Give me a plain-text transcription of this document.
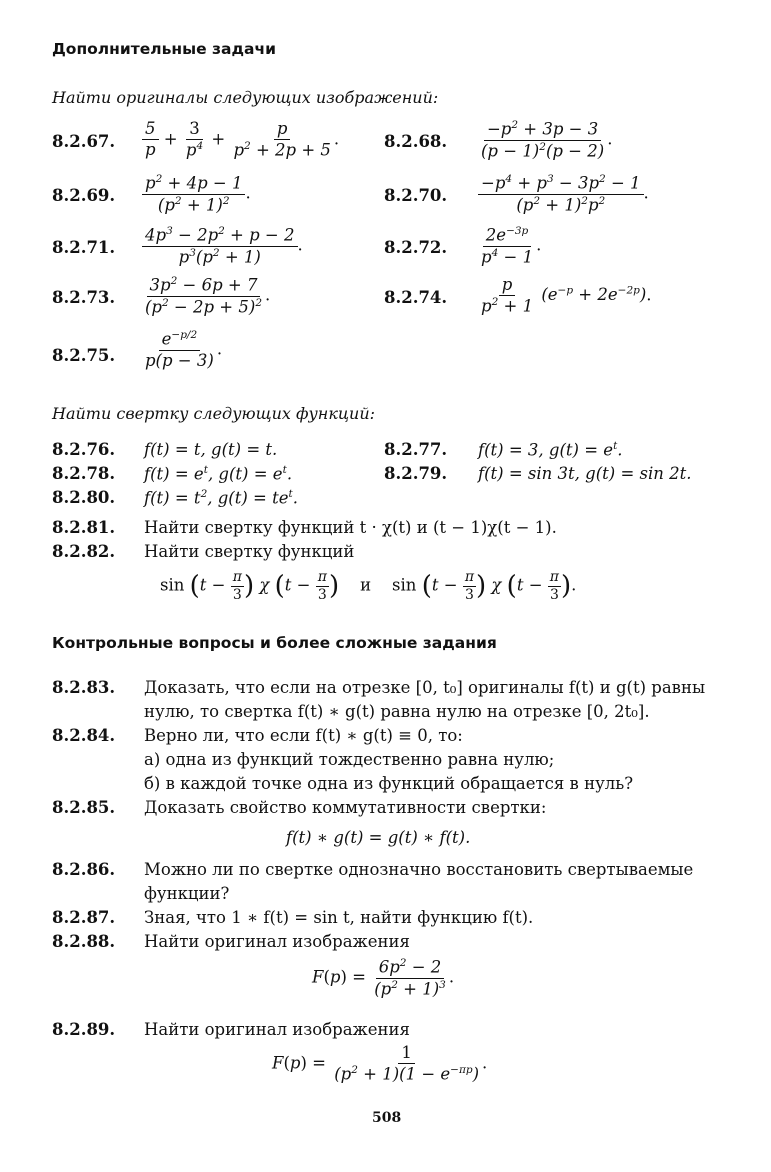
Дополнительные задачи
Найти оригиналы следующих изображений:
8.2.67. $\frac{5}{p} + \frac{3}{p^4} + \frac{p}{p^2 + 2p + 5}$ .	8.2.68. $\frac{-p^2 + 3p - 3}{(p - 1)^2(p - 2)}$ .
8.2.69. $\frac{p^2 + 4p - 1}{(p^2 + 1)^2}$ .	8.2.70. $\frac{-p^4 + p^3 - 3p^2 - 1}{(p^2 + 1)^2p^2}$ .
8.2.71. $\frac{4p^3 - 2p^2 + p - 2}{p^3(p^2 + 1)}$ .	8.2.72. $\frac{2e^{-3p}}{p^4 - 1}$ .
8.2.73. $\frac{3p^2 - 6p + 7}{(p^2 - 2p + 5)^2}$ .	8.2.74. $\frac{p}{p^2 + 1} (e^{-p} + 2e^{-2p})$.
8.2.75. $\frac{e^{-p/2}}{p(p - 3)}$ .
Найти свертку следующих функций:
8.2.76. f(t) = t, g(t) = t.	8.2.77. f(t) = 3, $g(t) = e^t$.
8.2.78. $f(t) = e^t$, $g(t) = e^t$.	8.2.79. f(t) = sin 3t, g(t) = sin 2t.
8.2.80. $f(t) = t^2$, $g(t) = te^t$.
8.2.81. Найти свертку функций t · χ(t) и (t − 1)χ(t − 1).
8.2.82. Найти свертку функций
$\sin (t - \frac{\pi}{3}$ ) χ ($t - \frac{\pi}{3}$ ) и    $\sin (t - \frac{\pi}{3}$ ) χ ($t - \frac{\pi}{3}$ ).
Контрольные вопросы и более сложные задания
8.2.83. Доказать, что если на отрезке [0, t₀] оригиналы f(t) и g(t) равны
нулю, то свертка f(t) ∗ g(t) равна нулю на отрезке [0, 2t₀].
8.2.84. Верно ли, что если f(t) ∗ g(t) ≡ 0, то:
а) одна из функций тождественно равна нулю;
б) в каждой точке одна из функций обращается в нуль?
8.2.85. Доказать свойство коммутативности свертки:
f(t) ∗ g(t) = g(t) ∗ f(t).
8.2.86. Можно ли по свертке однозначно восстановить свертываемые
функции?
8.2.87. Зная, что 1 ∗ f(t) = sin t, найти функцию f(t).
8.2.88. Найти оригинал изображения
$F(p) = \frac{6p^2 - 2}{(p^2 + 1)^3}$ .
8.2.89. Найти оригинал изображения
$F(p) = \frac{1}{(p^2 + 1)(1 - e^{-\pi p})}$ .
508
